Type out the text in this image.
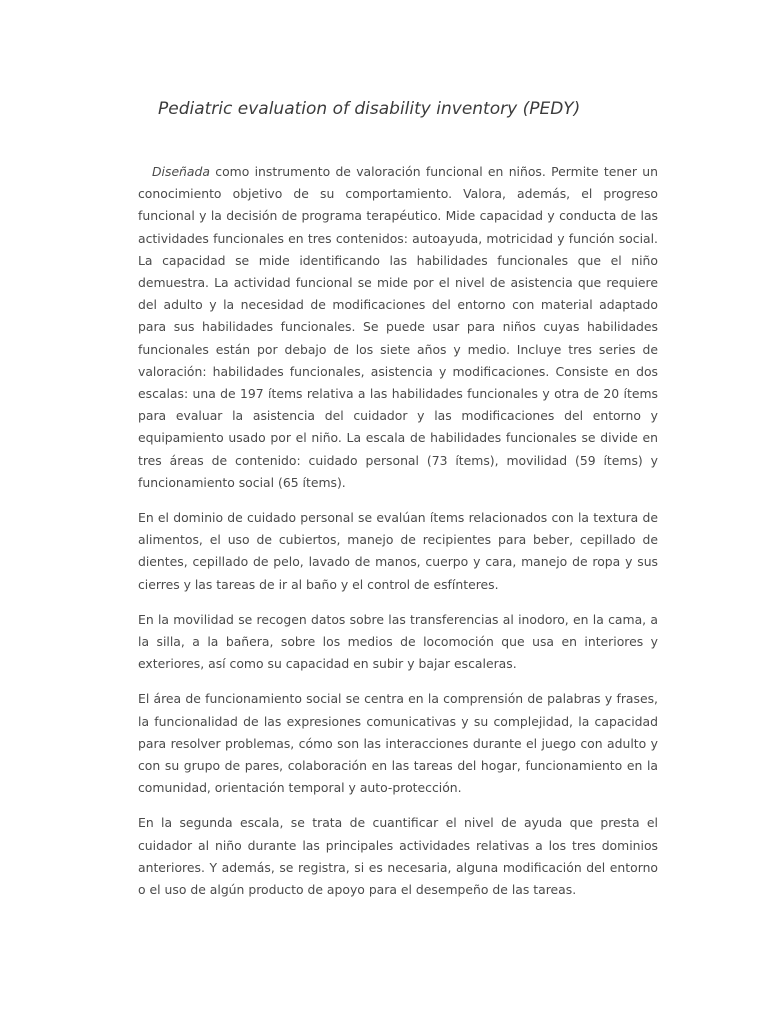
Pediatric evaluation of disability inventory (PEDY)

Diseñada como instrumento de valoración funcional en niños. Permite tener un conocimiento objetivo de su comportamiento. Valora, además, el progreso funcional y la decisión de programa terapéutico. Mide capacidad y conducta de las actividades funcionales en tres contenidos: autoayuda, motricidad y función social. La capacidad se mide identificando las habilidades funcionales que el niño demuestra. La actividad funcional se mide por el nivel de asistencia que requiere del adulto y la necesidad de modificaciones del entorno con material adaptado para sus habilidades funcionales. Se puede usar para niños cuyas habilidades funcionales están por debajo de los siete años y medio. Incluye tres series de valoración: habilidades funcionales, asistencia y modificaciones. Consiste en dos escalas: una de 197 ítems relativa a las habilidades funcionales y otra de 20 ítems para evaluar la asistencia del cuidador y las modificaciones del entorno y equipamiento usado por el niño. La escala de habilidades funcionales se divide en tres áreas de contenido: cuidado personal (73 ítems), movilidad (59 ítems) y funcionamiento social (65 ítems).

En el dominio de cuidado personal se evalúan ítems relacionados con la textura de alimentos, el uso de cubiertos, manejo de recipientes para beber, cepillado de dientes, cepillado de pelo, lavado de manos, cuerpo y cara, manejo de ropa y sus cierres y las tareas de ir al baño y el control de esfínteres.

En la movilidad se recogen datos sobre las transferencias al inodoro, en la cama, a la silla, a la bañera, sobre los medios de locomoción que usa en interiores y exteriores, así como su capacidad en subir y bajar escaleras.

El área de funcionamiento social se centra en la comprensión de palabras y frases, la funcionalidad de las expresiones comunicativas y su complejidad, la capacidad para resolver problemas, cómo son las interacciones durante el juego con adulto y con su grupo de pares, colaboración en las tareas del hogar, funcionamiento en la comunidad, orientación temporal y auto-protección.

En la segunda escala, se trata de cuantificar el nivel de ayuda que presta el cuidador al niño durante las principales actividades relativas a los tres dominios anteriores. Y además, se registra, si es necesaria, alguna modificación del entorno o el uso de algún producto de apoyo para el desempeño de las tareas.
